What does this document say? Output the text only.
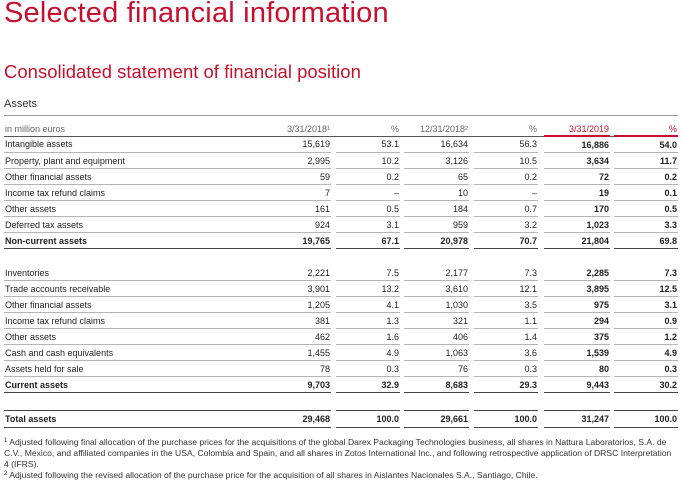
Selected financial information
Consolidated statement of financial position
Assets
in million euros	3/31/2018¹		%		12/31/2018²		%		3/31/2019		%
Intangible assets	15,619		53.1		16,634		56.3		16,886		54.0
Property, plant and equipment	2,995		10.2		3,126		10.5		3,634		11.7
Other financial assets	59		0.2		65		0.2		72		0.2
Income tax refund claims	7		–		10		–		19		0.1
Other assets	161		0.5		184		0.7		170		0.5
Deferred tax assets	924		3.1		959		3.2		1,023		3.3
Non-current assets	19,765		67.1		20,978		70.7		21,804		69.8

Inventories	2,221		7.5		2,177		7.3		2,285		7.3
Trade accounts receivable	3,901		13.2		3,610		12.1		3,895		12.5
Other financial assets	1,205		4.1		1,030		3.5		975		3.1
Income tax refund claims	381		1.3		321		1.1		294		0.9
Other assets	462		1.6		406		1.4		375		1.2
Cash and cash equivalents	1,455		4.9		1,063		3.6		1,539		4.9
Assets held for sale	78		0.3		76		0.3		80		0.3
Current assets	9,703		32.9		8,683		29.3		9,443		30.2

Total assets	29,468		100.0		29,661		100.0		31,247		100.0

$^1$ Adjusted following final allocation of the purchase prices for the acquisitions of the global Darex Packaging Technologies business, all shares in Nattura Laboratorios, S.A. de C.V., Mexico, and affiliated companies in the USA, Colombia and Spain, and all shares in Zotos International Inc., and following retrospective application of DRSC Interpretation 4 (IFRS).

$^2$ Adjusted following the revised allocation of the purchase price for the acquisition of all shares in Aislantes Nacionales S.A., Santiago, Chile.
